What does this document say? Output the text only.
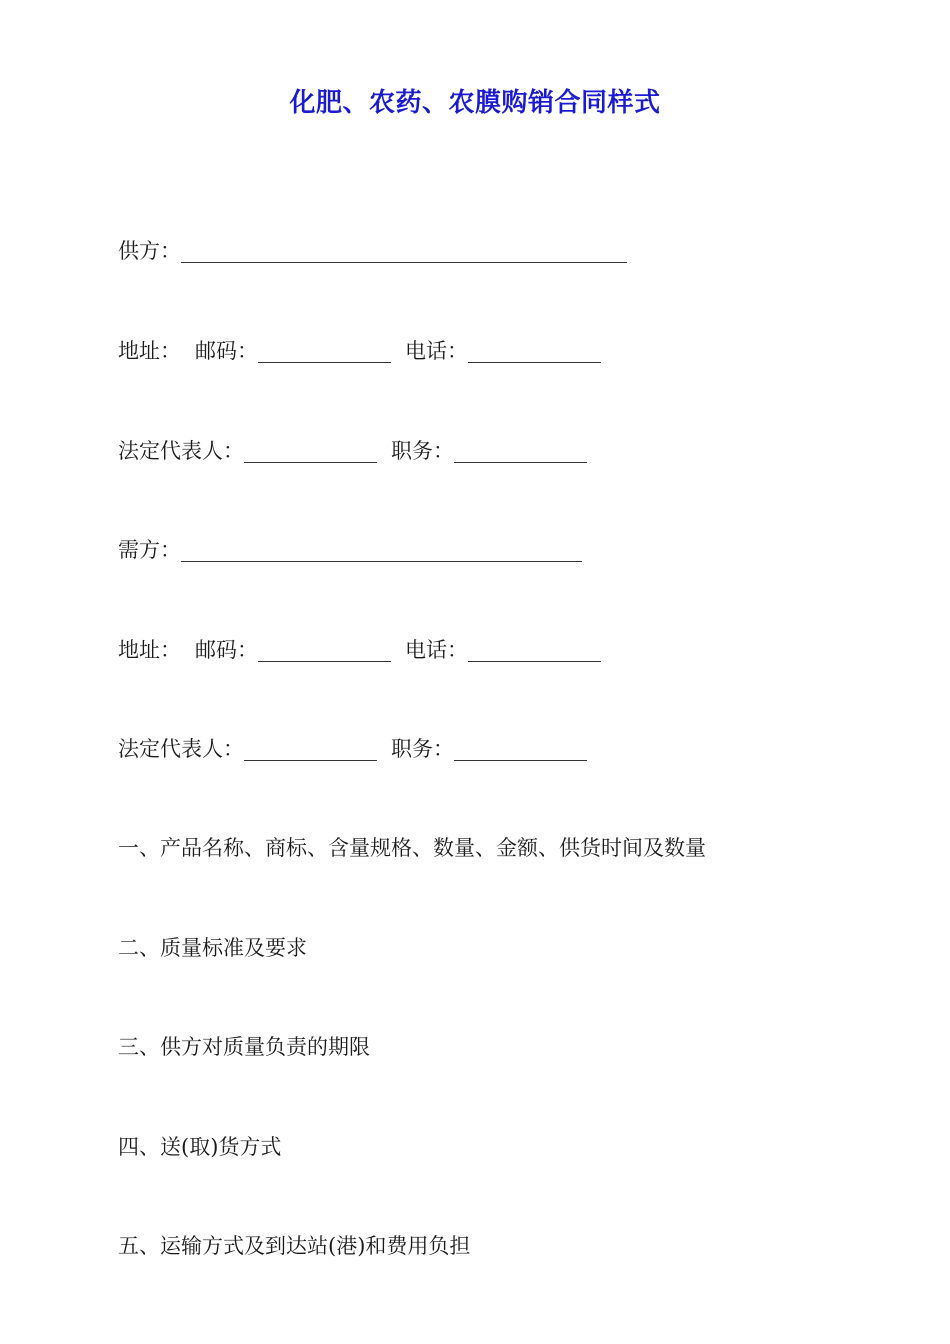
化肥、农药、农膜购销合同样式
供方：
地址： 邮码：	电话：
法定代表人：	职务：
需方：
地址： 邮码：	电话：
法定代表人：	职务：
一、产品名称、商标、含量规格、数量、金额、供货时间及数量
二、质量标准及要求
三、供方对质量负责的期限
四、送(取)货方式
五、运输方式及到达站(港)和费用负担
